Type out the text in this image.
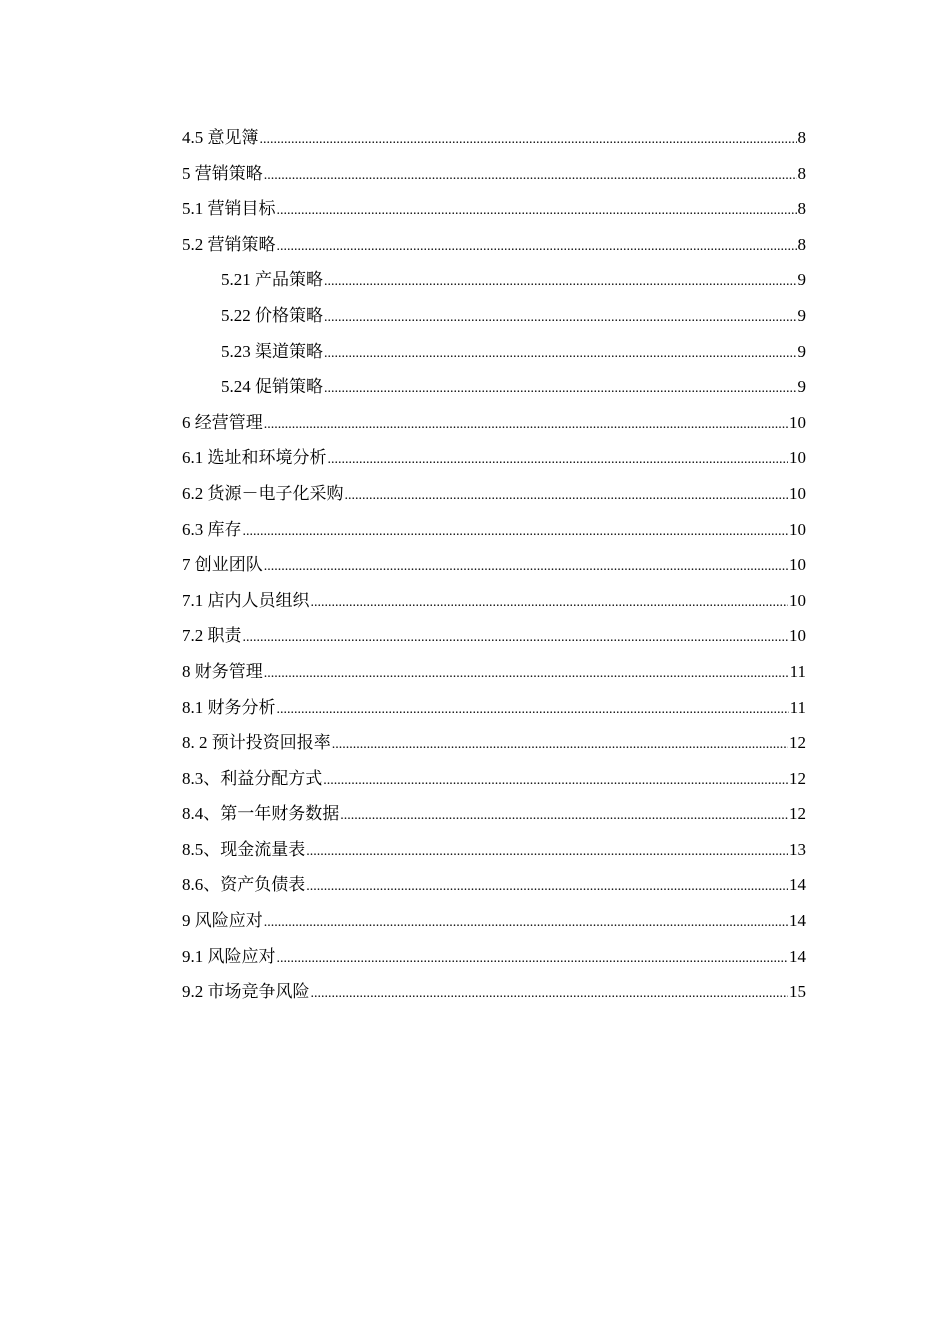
4.5 意见簿 .....	8
5 营销策略 .....	8
5.1 营销目标 .....	8
5.2 营销策略 .....	8
5.21 产品策略 .....	9
5.22 价格策略 .....	9
5.23 渠道策略 .....	9
5.24 促销策略 .....	9
6 经营管理 .....	10
6.1 选址和环境分析 .....	10
6.2 货源－电子化采购 .....	10
6.3 库存 .....	10
7 创业团队 .....	10
7.1 店内人员组织 .....	10
7.2 职责 .....	10
8 财务管理 .....	11
8.1 财务分析 .....	11
8. 2 预计投资回报率 .....	12
8.3、利益分配方式 .....	12
8.4、第一年财务数据 .....	12
8.5、现金流量表 .....	13
8.6、资产负债表 .....	14
9 风险应对 .....	14
9.1 风险应对 .....	14
9.2 市场竞争风险 .....	15
